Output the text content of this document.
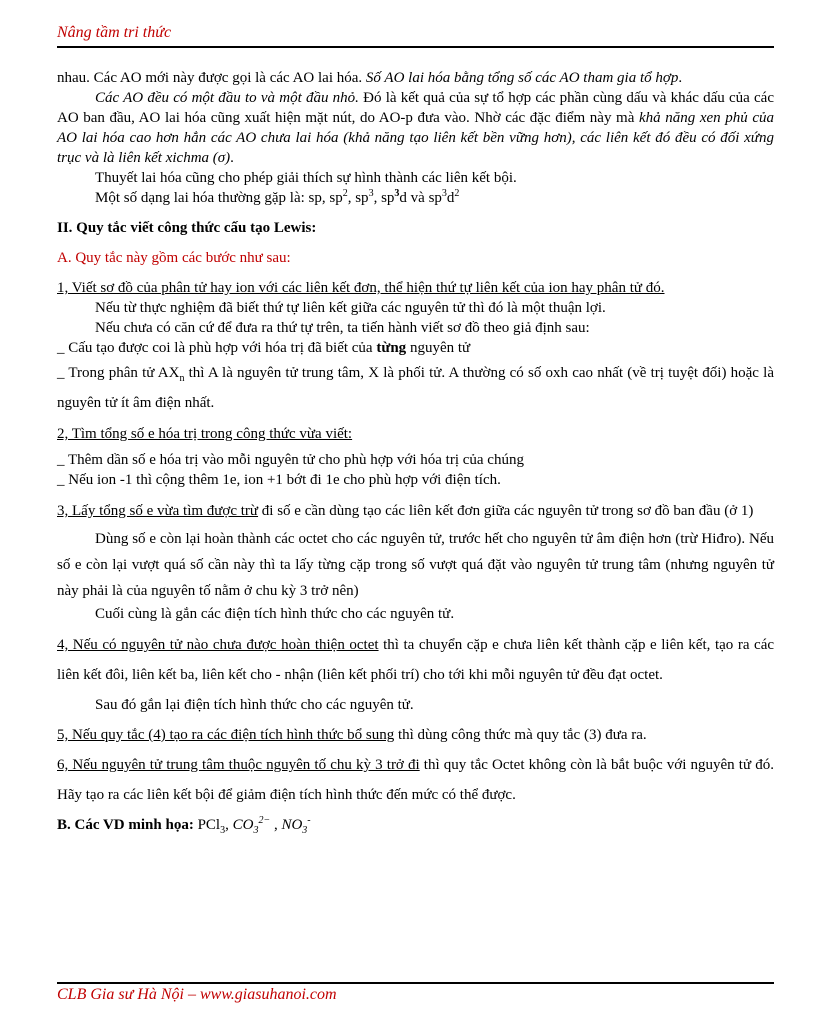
Nâng tầm tri thức

nhau. Các AO mới này được gọi là các AO lai hóa. Số AO lai hóa bằng tổng số các AO tham gia tổ hợp.

Các AO đều có một đầu to và một đầu nhỏ. Đó là kết quả của sự tổ hợp các phần cùng dấu và khác dấu của các AO ban đầu, AO lai hóa cũng xuất hiện mặt nút, do AO-p đưa vào. Nhờ các đặc điểm này mà khả năng xen phủ của AO lai hóa cao hơn hẳn các AO chưa lai hóa (khả năng tạo liên kết bền vững hơn), các liên kết đó đều có đối xứng trục và là liên kết xichma (σ).

Thuyết lai hóa cũng cho phép giải thích sự hình thành các liên kết bội.

Một số dạng lai hóa thường gặp là: sp, $sp^2$, $sp^3$, $sp^3d$ và $sp^3d^2$

II. Quy tắc viết công thức cấu tạo Lewis:

A. Quy tắc này gồm các bước như sau:

1, Viết sơ đồ của phân tử hay ion với các liên kết đơn, thể hiện thứ tự liên kết của ion hay phân tử đó.

Nếu từ thực nghiệm đã biết thứ tự liên kết giữa các nguyên tử thì đó là một thuận lợi.

Nếu chưa có căn cứ để đưa ra thứ tự trên, ta tiến hành viết sơ đồ theo giả định sau:

_ Cấu tạo được coi là phù hợp với hóa trị đã biết của từng nguyên tử

_ Trong phân tử $AX_n$ thì A là nguyên tử trung tâm, X là phối tử. A thường có số oxh cao nhất (về trị tuyệt đối) hoặc là nguyên tử ít âm điện nhất.

2, Tìm tổng số e hóa trị trong công thức vừa viết:

_ Thêm dần số e hóa trị vào mỗi nguyên tử cho phù hợp với hóa trị của chúng

_ Nếu ion -1 thì cộng thêm 1e, ion +1 bớt đi 1e cho phù hợp với điện tích.

3, Lấy tổng số e vừa tìm được trừ đi số e cần dùng tạo các liên kết đơn giữa các nguyên tử trong sơ đồ ban đầu (ở 1)

Dùng số e còn lại hoàn thành các octet cho các nguyên tử, trước hết cho nguyên tử âm điện hơn (trừ Hiđro). Nếu số e còn lại vượt quá số cần này thì ta lấy từng cặp trong số vượt quá đặt vào nguyên tử trung tâm (nhưng nguyên tử này phải là của nguyên tố nằm ở chu kỳ 3 trở nên)

Cuối cùng là gắn các điện tích hình thức cho các nguyên tử.

4, Nếu có nguyên tử nào chưa được hoàn thiện octet thì ta chuyển cặp e chưa liên kết thành cặp e liên kết, tạo ra các liên kết đôi, liên kết ba, liên kết cho - nhận (liên kết phối trí) cho tới khi mỗi nguyên tử đều đạt octet.

Sau đó gắn lại điện tích hình thức cho các nguyên tử.

5, Nếu quy tắc (4) tạo ra các điện tích hình thức bổ sung thì dùng công thức mà quy tắc (3) đưa ra.

6, Nếu nguyên tử trung tâm thuộc nguyên tố chu kỳ 3 trở đi thì quy tắc Octet không còn là bắt buộc với nguyên tử đó. Hãy tạo ra các liên kết bội để giảm điện tích hình thức đến mức có thể được.

B. Các VD minh họa: PCl$_3$, $CO_3^{2-}$ , $NO_3^-$

CLB Gia sư Hà Nội – www.giasuhanoi.com
